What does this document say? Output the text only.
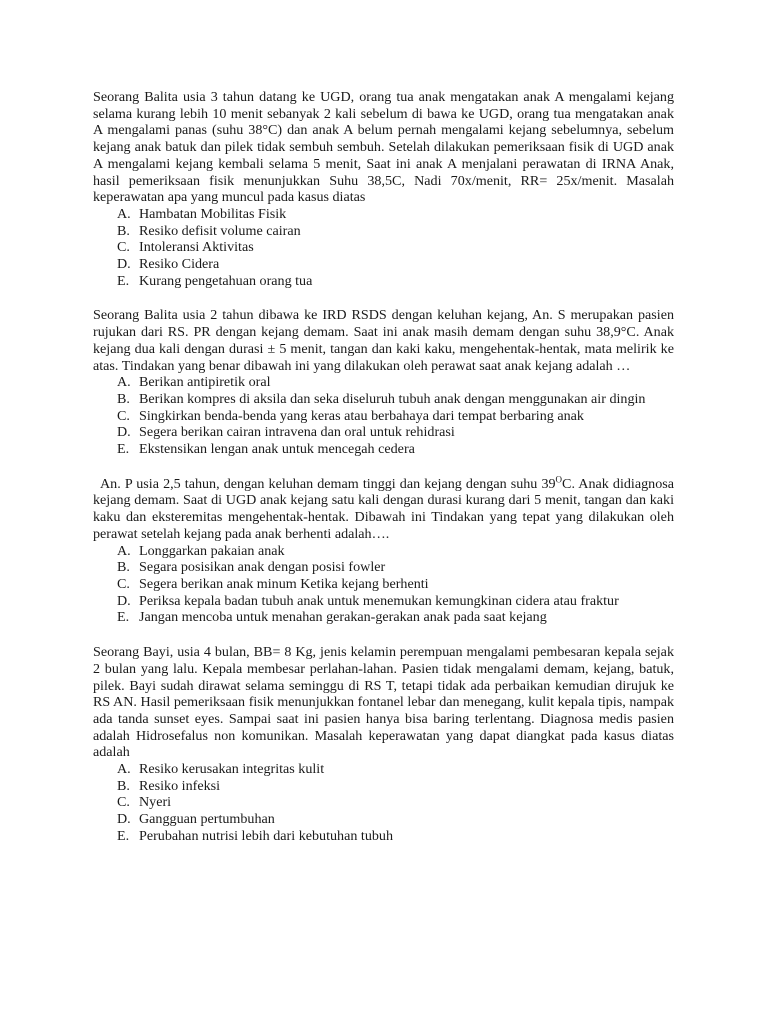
Seorang Balita usia 3 tahun datang ke UGD, orang tua anak mengatakan anak A mengalami kejang selama kurang lebih 10 menit sebanyak 2 kali sebelum di bawa ke UGD, orang tua mengatakan anak A mengalami panas (suhu 38°C) dan anak A belum pernah mengalami kejang sebelumnya, sebelum kejang anak batuk dan pilek tidak sembuh sembuh. Setelah dilakukan pemeriksaan fisik di UGD anak A mengalami kejang kembali selama 5 menit, Saat ini anak A menjalani perawatan di IRNA Anak, hasil pemeriksaan fisik menunjukkan Suhu 38,5C, Nadi 70x/menit, RR= 25x/menit. Masalah keperawatan apa yang muncul pada kasus diatas

A. Hambatan Mobilitas Fisik
B. Resiko defisit volume cairan
C. Intoleransi Aktivitas
D. Resiko Cidera
E. Kurang pengetahuan orang tua

Seorang Balita usia 2 tahun dibawa ke IRD RSDS dengan keluhan kejang, An. S merupakan pasien rujukan dari RS. PR dengan kejang demam. Saat ini anak masih demam dengan suhu 38,9°C. Anak kejang dua kali dengan durasi ± 5 menit, tangan dan kaki kaku, mengehentak-hentak, mata melirik ke atas. Tindakan yang benar dibawah ini yang dilakukan oleh perawat saat anak kejang adalah …

A. Berikan antipiretik oral
B. Berikan kompres di aksila dan seka diseluruh tubuh anak dengan menggunakan air dingin
C. Singkirkan benda-benda yang keras atau berbahaya dari tempat berbaring anak
D. Segera berikan cairan intravena dan oral untuk rehidrasi
E. Ekstensikan lengan anak untuk mencegah cedera

An. P usia 2,5 tahun, dengan keluhan demam tinggi dan kejang dengan suhu $39^OC$. Anak didiagnosa kejang demam. Saat di UGD anak kejang satu kali dengan durasi kurang dari 5 menit, tangan dan kaki kaku dan eksteremitas mengehentak-hentak. Dibawah ini Tindakan yang tepat yang dilakukan oleh perawat setelah kejang pada anak berhenti adalah….

A. Longgarkan pakaian anak
B. Segara posisikan anak dengan posisi fowler
C. Segera berikan anak minum Ketika kejang berhenti
D. Periksa kepala badan tubuh anak untuk menemukan kemungkinan cidera atau fraktur
E. Jangan mencoba untuk menahan gerakan-gerakan anak pada saat kejang

Seorang Bayi, usia 4 bulan, BB= 8 Kg, jenis kelamin perempuan mengalami pembesaran kepala sejak 2 bulan yang lalu. Kepala membesar perlahan-lahan. Pasien tidak mengalami demam, kejang, batuk, pilek. Bayi sudah dirawat selama seminggu di RS T, tetapi tidak ada perbaikan kemudian dirujuk ke RS AN. Hasil pemeriksaan fisik menunjukkan fontanel lebar dan menegang, kulit kepala tipis, nampak ada tanda sunset eyes. Sampai saat ini pasien hanya bisa baring terlentang. Diagnosa medis pasien adalah Hidrosefalus non komunikan. Masalah keperawatan yang dapat diangkat pada kasus diatas adalah

A. Resiko kerusakan integritas kulit
B. Resiko infeksi
C. Nyeri
D. Gangguan pertumbuhan
E. Perubahan nutrisi lebih dari kebutuhan tubuh
